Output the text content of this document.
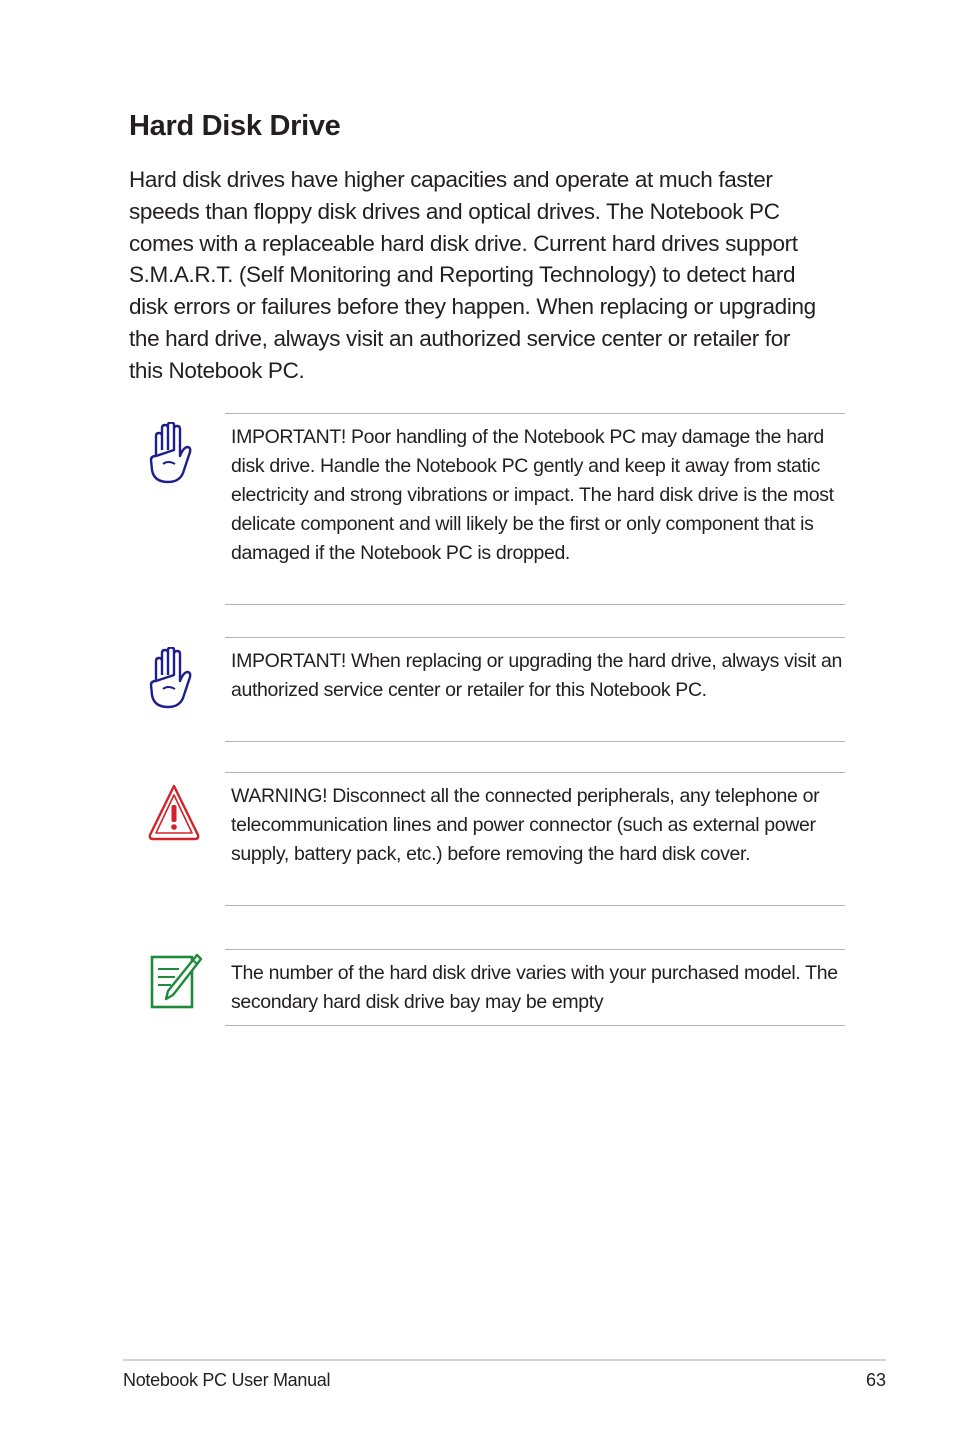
Hard Disk Drive

Hard disk drives have higher capacities and operate at much faster speeds than floppy disk drives and optical drives. The Notebook PC comes with a replaceable hard disk drive. Current hard drives support S.M.A.R.T. (Self Monitoring and Reporting Technology) to detect hard disk errors or failures before they happen. When replacing or upgrading the hard drive, always visit an authorized service center or retailer for this Notebook PC.

IMPORTANT! Poor handling of the Notebook PC may damage the hard disk drive. Handle the Notebook PC gently and keep it away from static electricity and strong vibrations or impact. The hard disk drive is the most delicate component and will likely be the first or only component that is damaged if the Notebook PC is dropped.

IMPORTANT! When replacing or upgrading the hard drive, always visit an authorized service center or retailer for this Notebook PC.

WARNING! Disconnect all the connected peripherals, any telephone or telecommunication lines and power connector (such as external power supply, battery pack, etc.) before removing the hard disk cover.

The number of the hard disk drive varies with your purchased model. The secondary hard disk drive bay may be empty

Notebook PC User Manual	63
